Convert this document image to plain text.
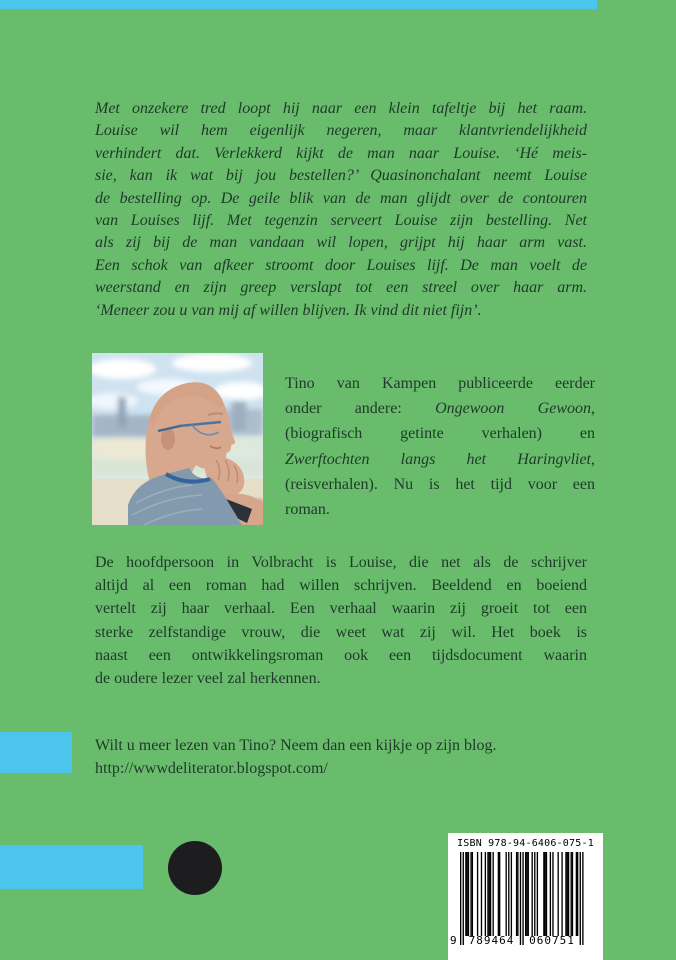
Met onzekere tred loopt hij naar een klein tafeltje bij het raam.
Louise wil hem eigenlijk negeren, maar klantvriendelijkheid
verhindert dat. Verlekkerd kijkt de man naar Louise. ‘Hé meis-
sie, kan ik wat bij jou bestellen?’ Quasinonchalant neemt Louise
de bestelling op. De geile blik van de man glijdt over de contouren
van Louises lijf. Met tegenzin serveert Louise zijn bestelling. Net
als zij bij de man vandaan wil lopen, grijpt hij haar arm vast.
Een schok van afkeer stroomt door Louises lijf. De man voelt de
weerstand en zijn greep verslapt tot een streel over haar arm.
‘Meneer zou u van mij af willen blijven. Ik vind dit niet fijn’.
Tino van Kampen publiceerde eerder
onder andere: Ongewoon Gewoon,
(biografisch getinte verhalen) en
Zwerftochten langs het Haringvliet,
(reisverhalen). Nu is het tijd voor een
roman.
De hoofdpersoon in Volbracht is Louise, die net als de schrijver
altijd al een roman had willen schrijven. Beeldend en boeiend
vertelt zij haar verhaal. Een verhaal waarin zij groeit tot een
sterke zelfstandige vrouw, die weet wat zij wil. Het boek is
naast een ontwikkelingsroman ook een tijdsdocument waarin
de oudere lezer veel zal herkennen.
Wilt u meer lezen van Tino? Neem dan een kijkje op zijn blog.
http://wwwdeliterator.blogspot.com/
ISBN 978-94-6406-075-1
9	789464	060751
